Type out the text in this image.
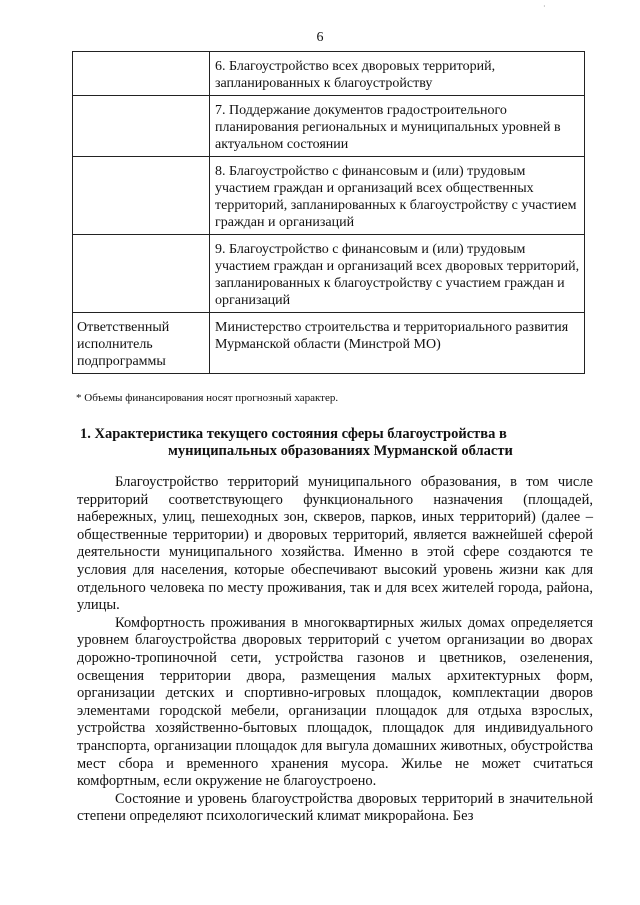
·
6
	6. Благоустройство всех дворовых территорий, запланированных к благоустройству
	7. Поддержание документов градостроительного планирования региональных и муниципальных уровней в актуальном состоянии
	8. Благоустройство с финансовым и (или) трудовым участием граждан и организаций всех общественных территорий, запланированных к благоустройству с участием граждан и организаций
	9. Благоустройство с финансовым и (или) трудовым участием граждан и организаций всех дворовых территорий, запланированных к благоустройству с участием граждан и организаций
Ответственный исполнитель подпрограммы	Министерство строительства и территориального развития Мурманской области (Минстрой МО)
* Объемы финансирования носят прогнозный характер.
1. Характеристика текущего состояния сферы благоустройства в
муниципальных образованиях Мурманской области

Благоустройство территорий муниципального образования, в том числе территорий соответствующего функционального назначения (площадей, набережных, улиц, пешеходных зон, скверов, парков, иных территорий) (далее – общественные территории) и дворовых территорий, является важнейшей сферой деятельности муниципального хозяйства. Именно в этой сфере создаются те условия для населения, которые обеспечивают высокий уровень жизни как для отдельного человека по месту проживания, так и для всех жителей города, района, улицы.

Комфортность проживания в многоквартирных жилых домах определяется уровнем благоустройства дворовых территорий с учетом организации во дворах дорожно-тропиночной сети, устройства газонов и цветников, озеленения, освещения территории двора, размещения малых архитектурных форм, организации детских и спортивно-игровых площадок, комплектации дворов элементами городской мебели, организации площадок для отдыха взрослых, устройства хозяйственно-бытовых площадок, площадок для индивидуального транспорта, организации площадок для выгула домашних животных, обустройства мест сбора и временного хранения мусора. Жилье не может считаться комфортным, если окружение не благоустроено.

Состояние и уровень благоустройства дворовых территорий в значительной степени определяют психологический климат микрорайона. Без
